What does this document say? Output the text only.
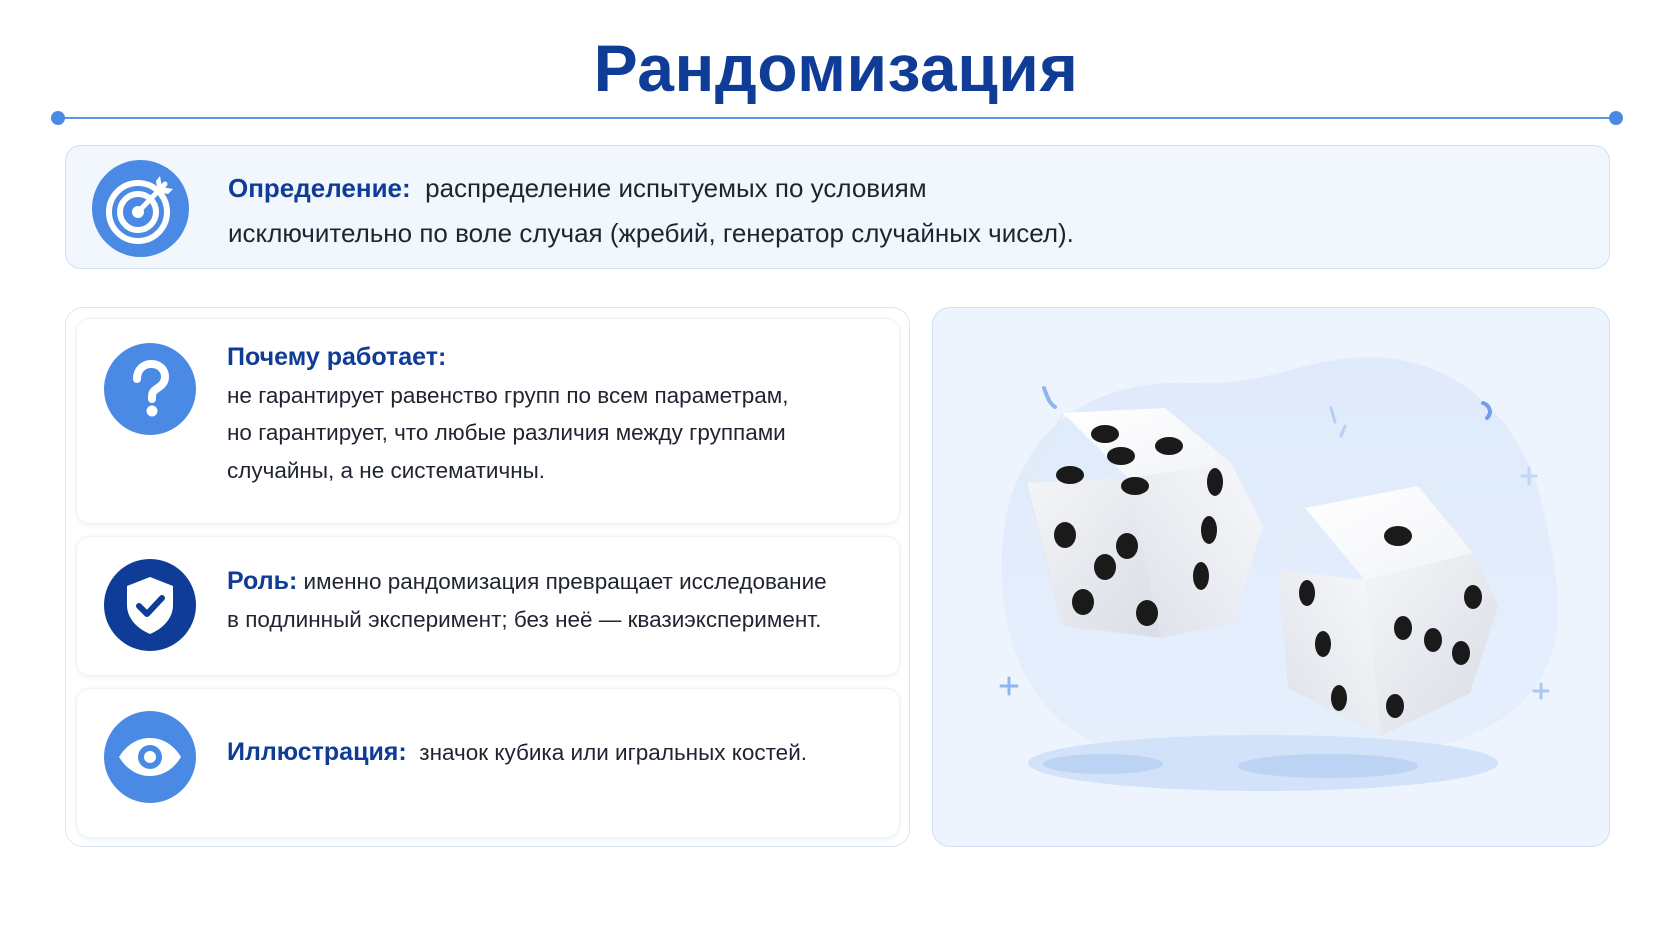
Рандомизация
Определение: распределение испытуемых по условиям
исключительно по воле случая (жребий, генератор случайных чисел).
Почему работает:
не гарантирует равенство групп по всем параметрам,
но гарантирует, что любые различия между группами
случайны, а не систематичны.
Роль: именно рандомизация превращает исследование
в подлинный эксперимент; без неё — квазиэксперимент.
Иллюстрация: значок кубика или игральных костей.
